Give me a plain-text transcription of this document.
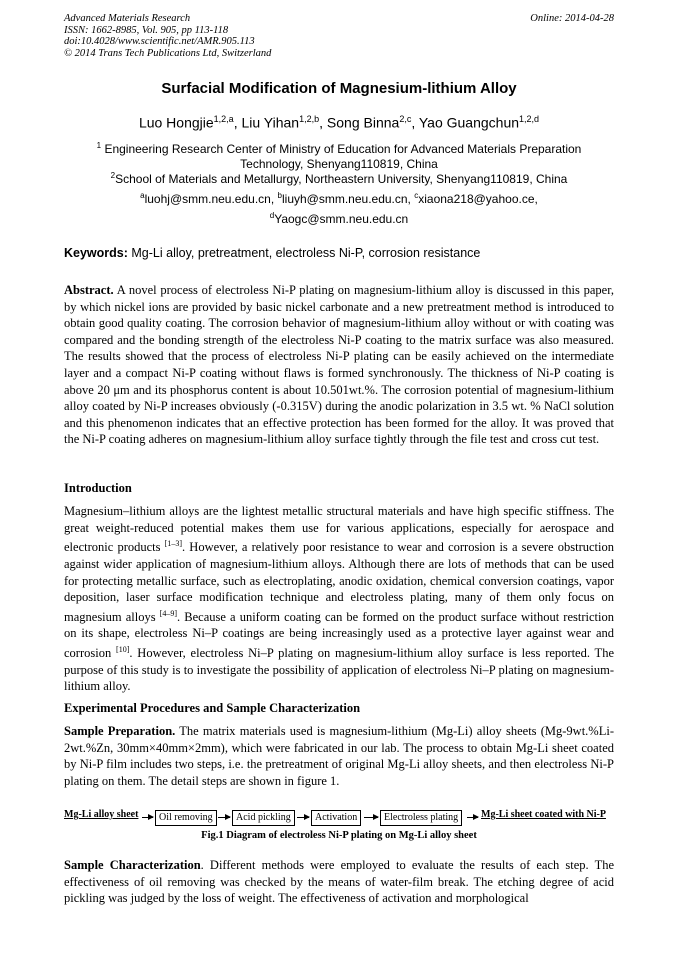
Advanced Materials Research
ISSN: 1662-8985, Vol. 905, pp 113-118
doi:10.4028/www.scientific.net/AMR.905.113
© 2014 Trans Tech Publications Ltd, Switzerland
Online: 2014-04-28
Surfacial Modification of Magnesium-lithium Alloy
Luo Hongjie$^{1,2,a}$, Liu Yihan$^{1,2,b}$, Song Binna$^{2,c}$, Yao Guangchun$^{1,2,d}$
$^1$ Engineering Research Center of Ministry of Education for Advanced Materials Preparation
Technology, Shenyang110819, China
$^2$School of Materials and Metallurgy, Northeastern University, Shenyang110819, China
$^a$luohj@smm.neu.edu.cn, $^b$liuyh@smm.neu.edu.cn, $^c$xiaona218@yahoo.ce,
$^d$Yaogc@smm.neu.edu.cn
Keywords: Mg-Li alloy, pretreatment, electroless Ni-P, corrosion resistance
Abstract. A novel process of electroless Ni-P plating on magnesium-lithium alloy is discussed in this paper, by which nickel ions are provided by basic nickel carbonate and a new pretreatment method is introduced to obtain good quality coating. The corrosion behavior of magnesium-lithium alloy without or with coating was compared and the bonding strength of the electroless Ni-P coating to the matrix surface was also measured. The results showed that the process of electroless Ni-P plating can be easily achieved on the intermediate layer and a compact Ni-P coating without flaws is formed synchronously. The thickness of Ni-P coating is above 20 μm and its phosphorus content is about 10.501wt.%. The corrosion potential of magnesium-lithium alloy coated by Ni-P increases obviously (-0.315V) during the anodic polarization in 3.5 wt. % NaCl solution and this phenomenon indicates that an effective protection has been formed for the alloy. It was proved that the Ni-P coating adheres on magnesium-lithium alloy surface tightly through the file test and cross cut test.
Introduction
Magnesium–lithium alloys are the lightest metallic structural materials and have high specific stiffness. The great weight-reduced potential makes them use for various applications, especially for aerospace and electronic products [1–3]. However, a relatively poor resistance to wear and corrosion is a severe obstruction against wider application of magnesium-lithium alloys. Although there are lots of methods that can be used for protecting metallic surface, such as electroplating, anodic oxidation, chemical conversion coatings, vapor deposition, laser surface modification technique and electroless plating, many of them only focus on magnesium alloys [4–9]. Because a uniform coating can be formed on the product surface without restriction on its shape, electroless Ni–P coatings are being increasingly used as a protective layer against wear and corrosion [10]. However, electroless Ni–P plating on magnesium-lithium alloy surface is less reported. The purpose of this study is to investigate the possibility of application of electroless Ni–P plating on magnesium-lithium alloy.
Experimental Procedures and Sample Characterization
Sample Preparation. The matrix materials used is magnesium-lithium (Mg-Li) alloy sheets (Mg-9wt.%Li-2wt.%Zn, 30mm×40mm×2mm), which were fabricated in our lab. The process to obtain Mg-Li sheet coated by Ni-P film includes two steps, i.e. the pretreatment of original Mg-Li alloy sheets, and then electroless Ni-P plating on them. The detail steps are shown in figure 1.
Mg-Li alloy sheet	Oil removing	Acid pickling	Activation	Electroless plating	Mg-Li sheet coated with Ni-P
Fig.1 Diagram of electroless Ni-P plating on Mg-Li alloy sheet
Sample Characterization. Different methods were employed to evaluate the results of each step. The effectiveness of oil removing was checked by the means of water-film break. The etching degree of acid pickling was judged by the loss of weight. The effectiveness of activation and morphological
